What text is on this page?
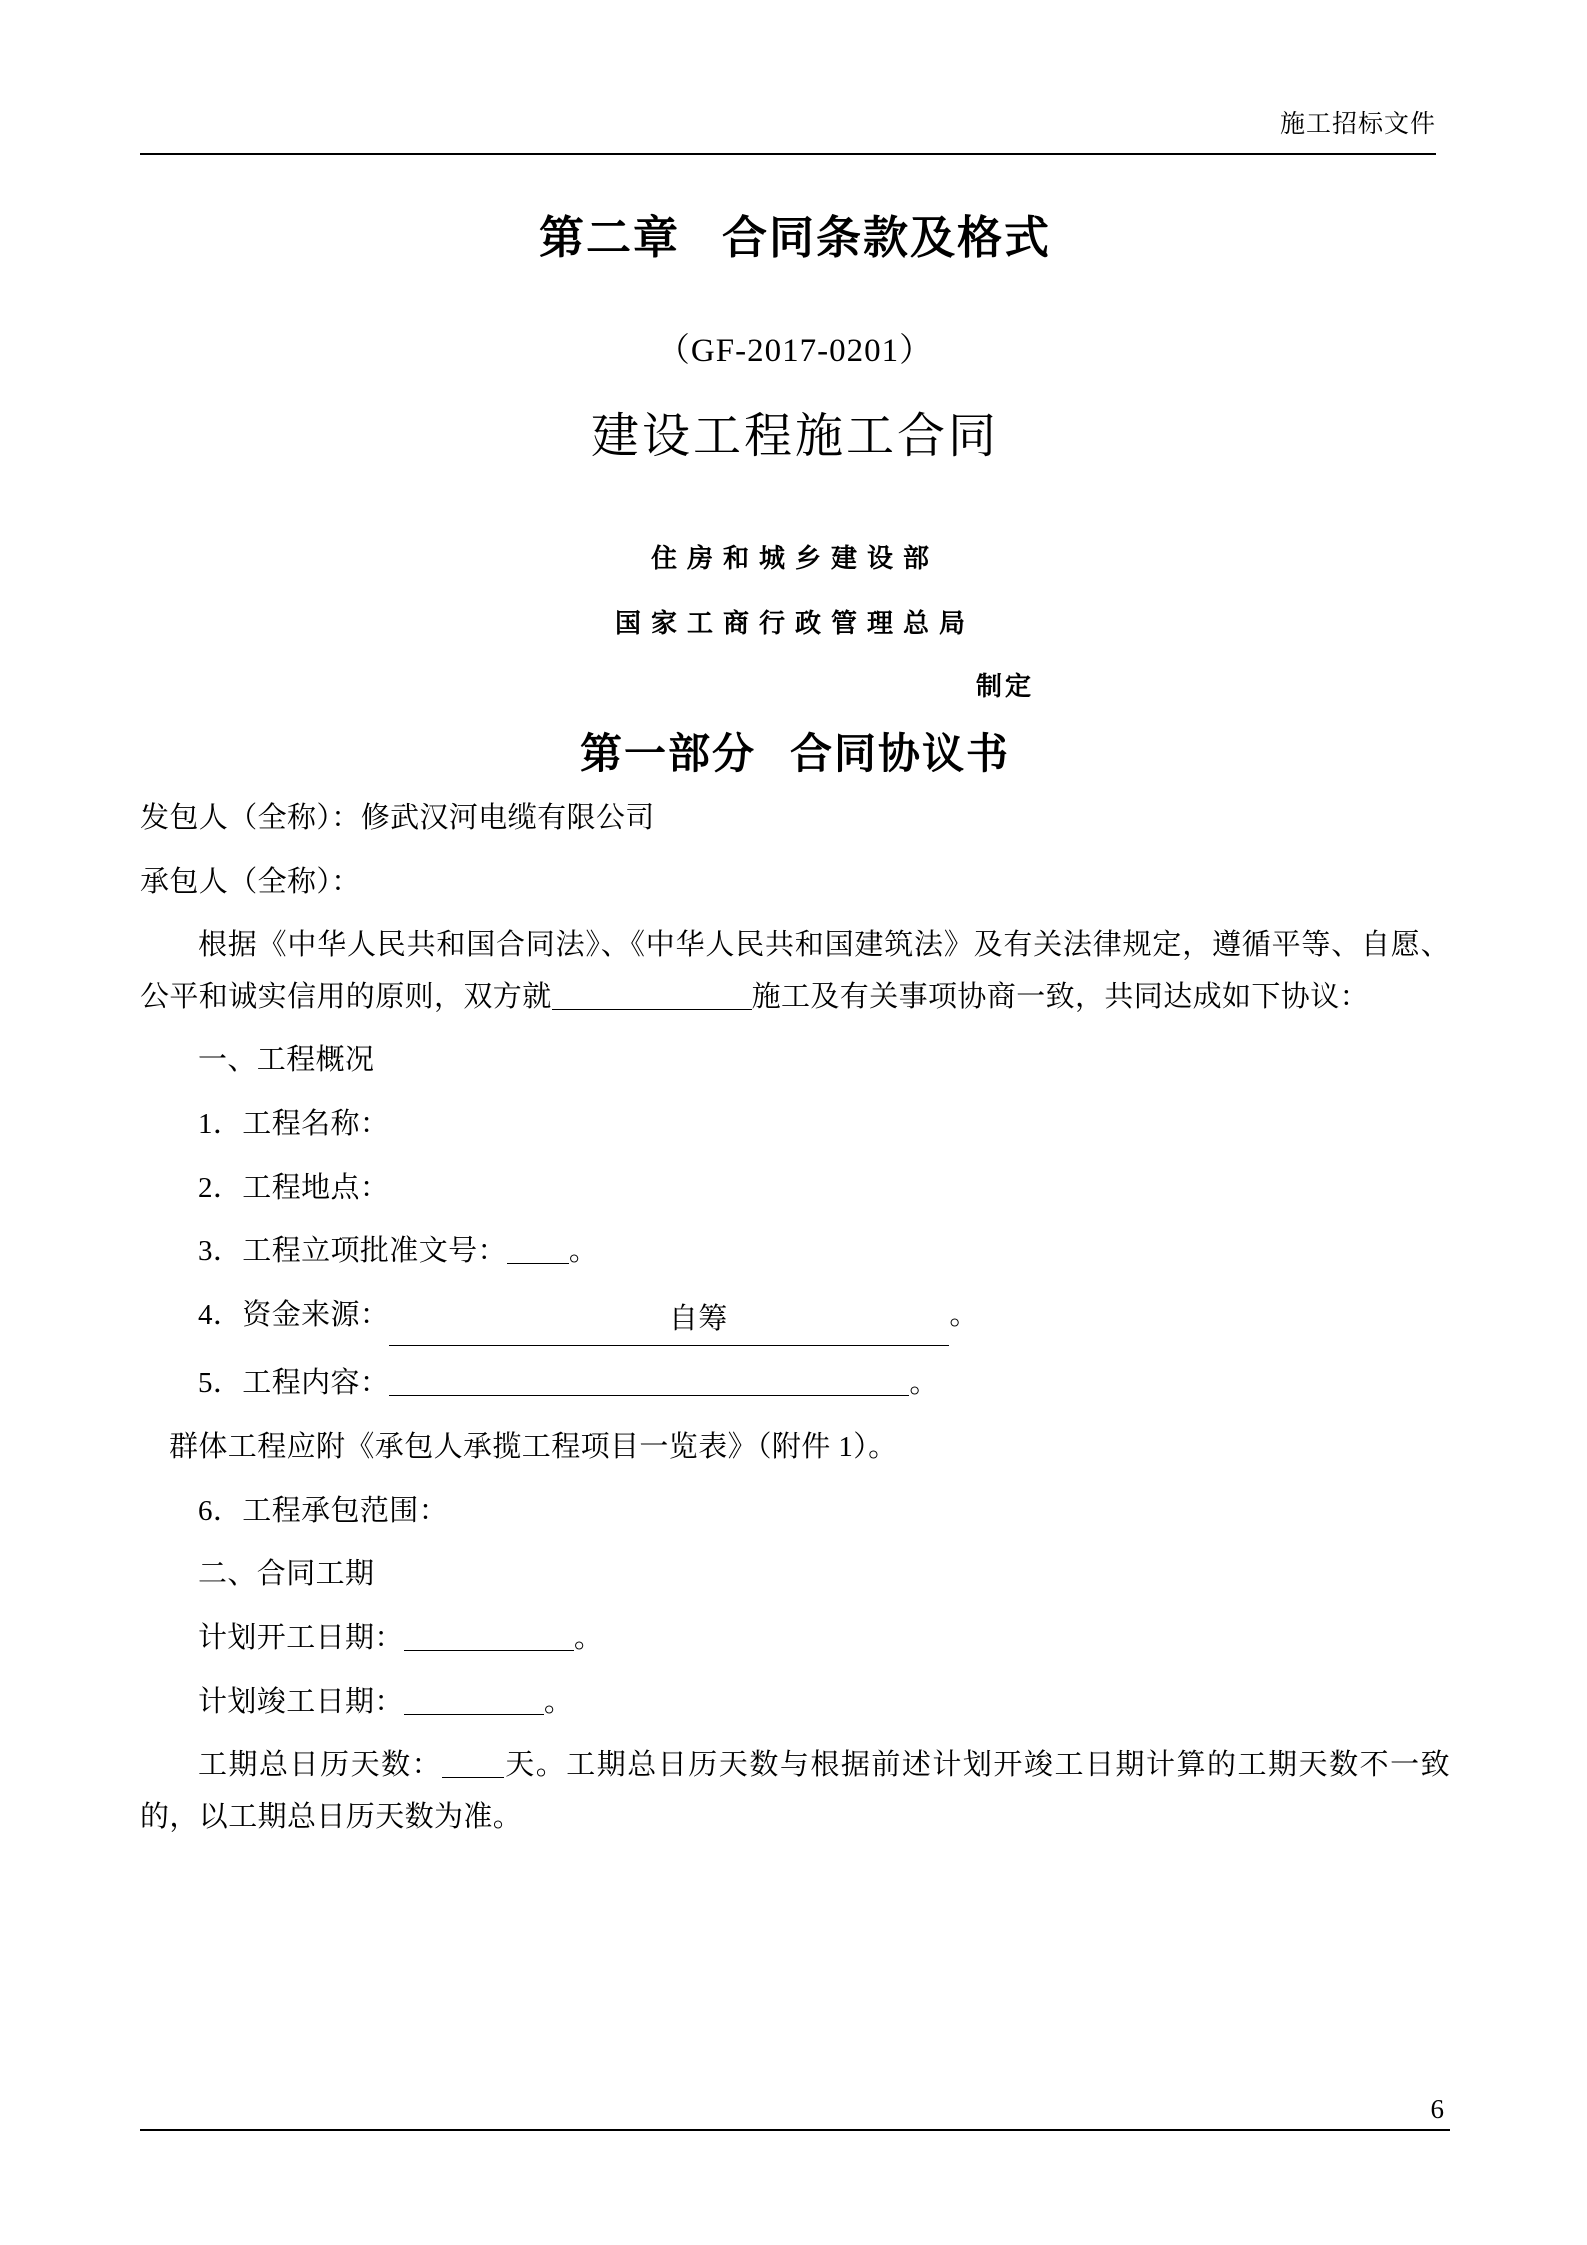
施工招标文件
第二章 合同条款及格式
（GF-2017-0201）
建设工程施工合同
住房和城乡建设部
国家工商行政管理总局
制定
第一部分 合同协议书
发包人（全称）：修武汉河电缆有限公司
承包人（全称）：
根据《中华人民共和国合同法》、《中华人民共和国建筑法》及有关法律规定，遵循平等、自愿、公平和诚实信用的原则，双方就	施工及有关事项协商一致，共同达成如下协议：
一、工程概况
1．工程名称：
2．工程地点：
3．工程立项批准文号： 。
4．资金来源：	自筹	。
5．工程内容：	。
群体工程应附《承包人承揽工程项目一览表》（附件 1）。
6．工程承包范围：
二、合同工期
计划开工日期：	。
计划竣工日期：	。
工期总日历天数： 天。工期总日历天数与根据前述计划开竣工日期计算的工期天数不一致的，以工期总日历天数为准。
6
